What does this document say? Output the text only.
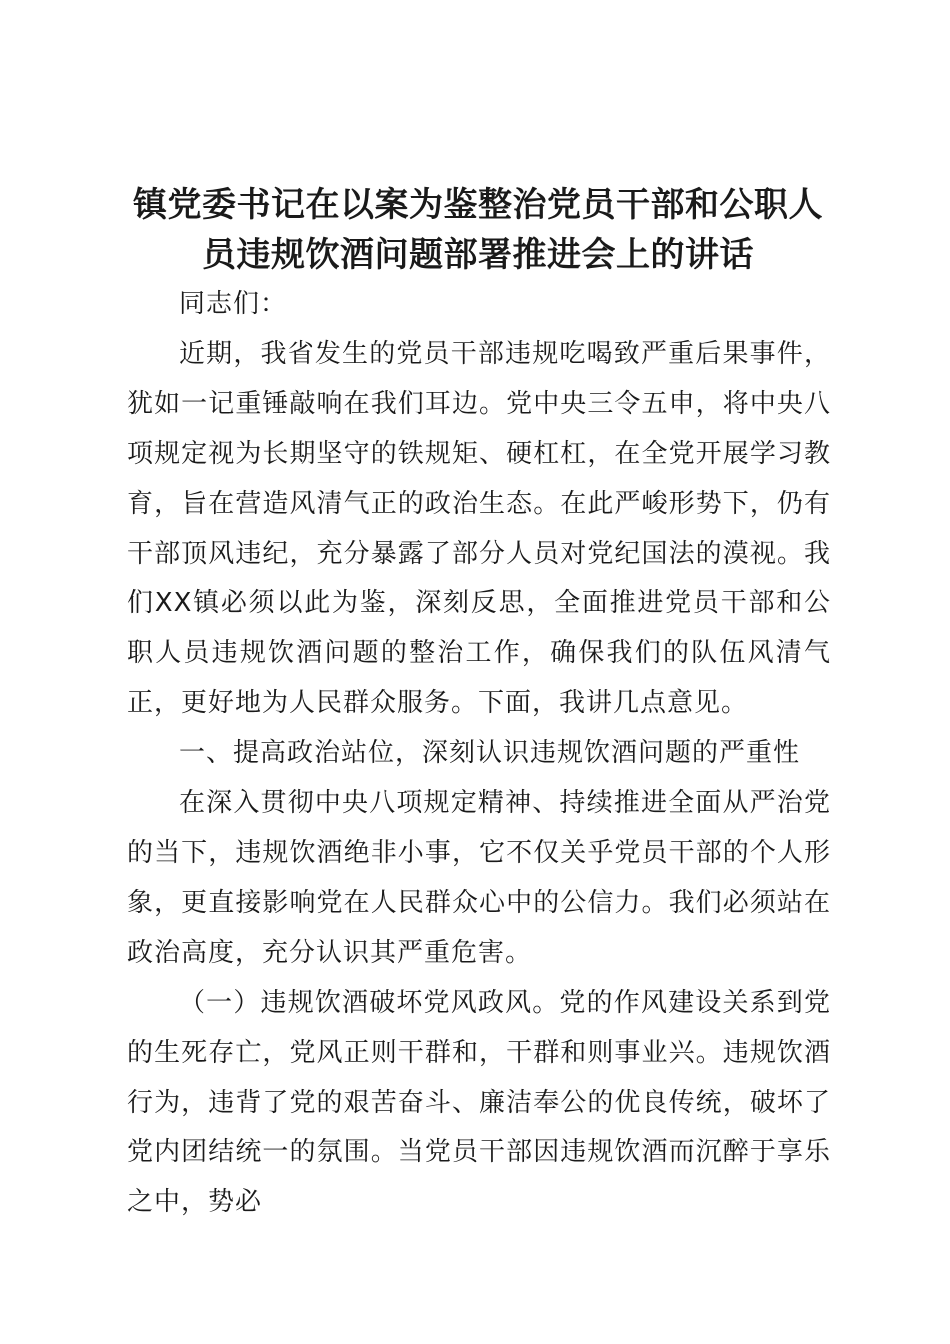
镇党委书记在以案为鉴整治党员干部和公职人员违规饮酒问题部署推进会上的讲话

同志们：

近期，我省发生的党员干部违规吃喝致严重后果事件，犹如一记重锤敲响在我们耳边。党中央三令五申，将中央八项规定视为长期坚守的铁规矩、硬杠杠，在全党开展学习教育，旨在营造风清气正的政治生态。在此严峻形势下，仍有干部顶风违纪，充分暴露了部分人员对党纪国法的漠视。我们XX镇必须以此为鉴，深刻反思，全面推进党员干部和公职人员违规饮酒问题的整治工作，确保我们的队伍风清气正，更好地为人民群众服务。下面，我讲几点意见。

一、提高政治站位，深刻认识违规饮酒问题的严重性

在深入贯彻中央八项规定精神、持续推进全面从严治党的当下，违规饮酒绝非小事，它不仅关乎党员干部的个人形象，更直接影响党在人民群众心中的公信力。我们必须站在政治高度，充分认识其严重危害。

（一）违规饮酒破坏党风政风。党的作风建设关系到党的生死存亡，党风正则干群和，干群和则事业兴。违规饮酒行为，违背了党的艰苦奋斗、廉洁奉公的优良传统，破坏了党内团结统一的氛围。当党员干部因违规饮酒而沉醉于享乐之中，势必
